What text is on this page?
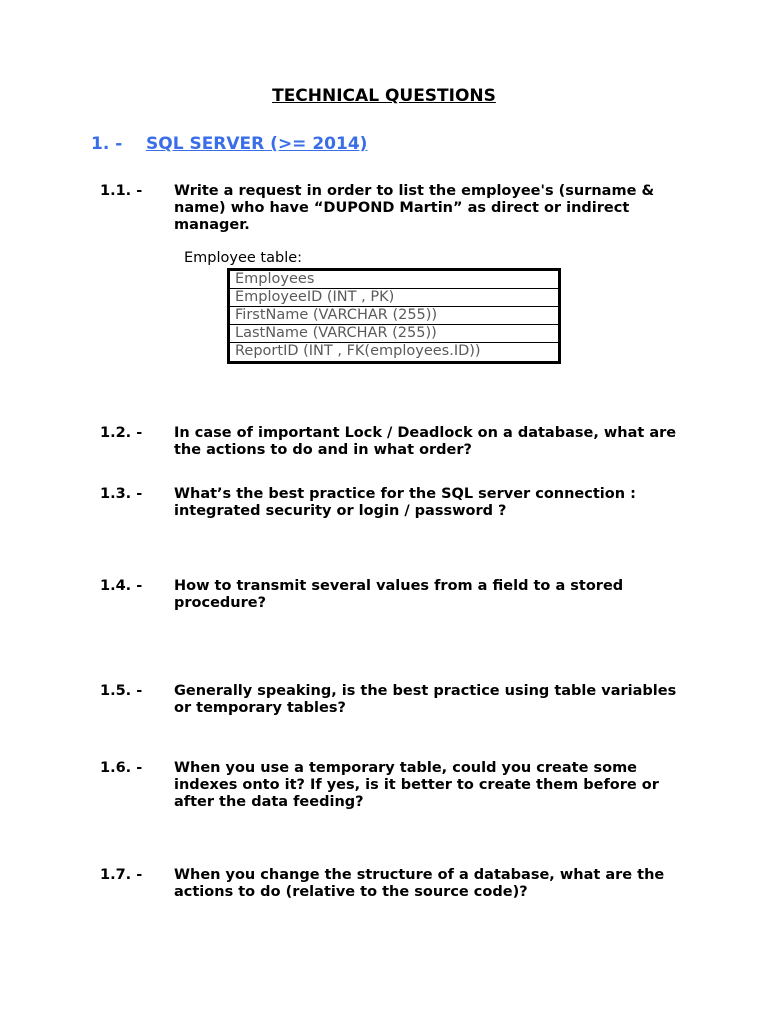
TECHNICAL QUESTIONS
1. - SQL SERVER (>= 2014)
1.1. - Write a request in order to list the employee's (surname & name) who have “DUPOND Martin” as direct or indirect manager.
Employee table:
Employees
EmployeeID (INT , PK)
FirstName (VARCHAR (255))
LastName (VARCHAR (255))
ReportID (INT , FK(employees.ID))
1.2. - In case of important Lock / Deadlock on a database, what are the actions to do and in what order?
1.3. - What’s the best practice for the SQL server connection : integrated security or login / password ?
1.4. - How to transmit several values from a field to a stored procedure?
1.5. - Generally speaking, is the best practice using table variables or temporary tables?
1.6. - When you use a temporary table, could you create some indexes onto it? If yes, is it better to create them before or after the data feeding?
1.7. - When you change the structure of a database, what are the actions to do (relative to the source code)?
